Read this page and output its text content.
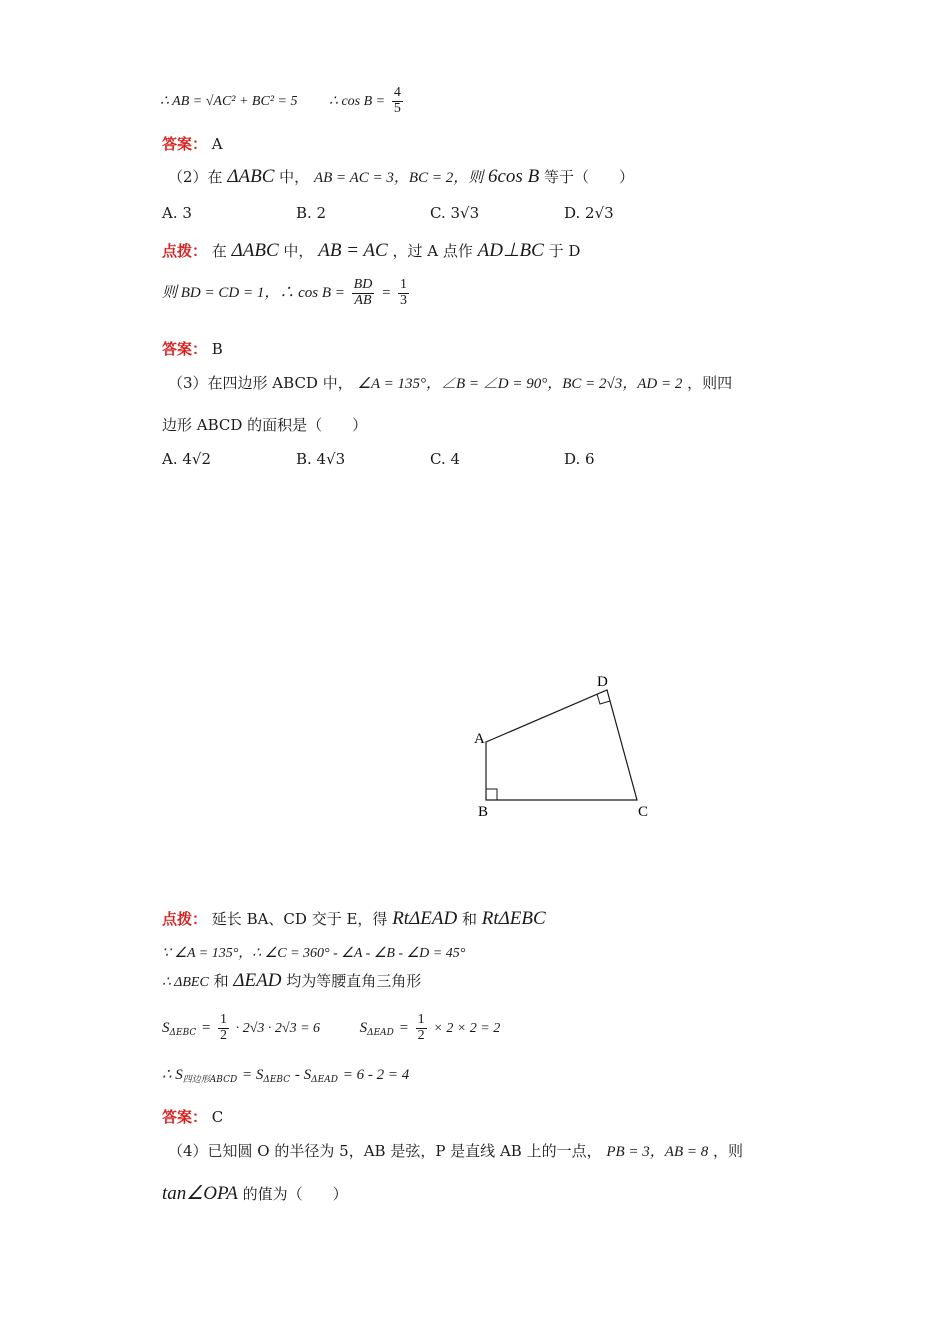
∴ AB = √AC² + BC² = 5 ∴ $\cos B = \frac{4}{5}$
答案： A
（2）在 ΔABC 中， AB = AC = 3，BC = 2，则 6cos B 等于（　　）
A. 3	B. 2	C. 3√3	D. 2√3
点拨： 在 ΔABC 中， AB = AC ，过 A 点作 AD⊥BC 于 D
则 BD = CD = 1，∴ $\cos B = \frac{BD}{AB} = \frac{1}{3}$
答案： B
（3）在四边形 ABCD 中， ∠A = 135°，∠B = ∠D = 90°，BC = 2√3，AD = 2 ，则四
边形 ABCD 的面积是（　　）
A. 4√2	B. 4√3	C. 4	D. 6
A
B	C
D
点拨： 延长 BA、CD 交于 E，得 RtΔEAD 和 RtΔEBC
∵ ∠A = 135°，∴ ∠C = 360° - ∠A - ∠B - ∠D = 45°
∴ ΔBEC 和 ΔEAD 均为等腰直角三角形
$S_{\Delta EBC} = \frac{1}{2} \cdot 2√3 \cdot 2√3 = 6$	$S_{\Delta EAD} = \frac{1}{2} \times 2 \times 2 = 2$
∴ $S_{四边形ABCD} = S_{\Delta EBC} - S_{\Delta EAD} = 6 - 2 = 4$
答案： C
（4）已知圆 O 的半径为 5，AB 是弦，P 是直线 AB 上的一点， PB = 3，AB = 8 ，则
tan∠OPA 的值为（　　）
